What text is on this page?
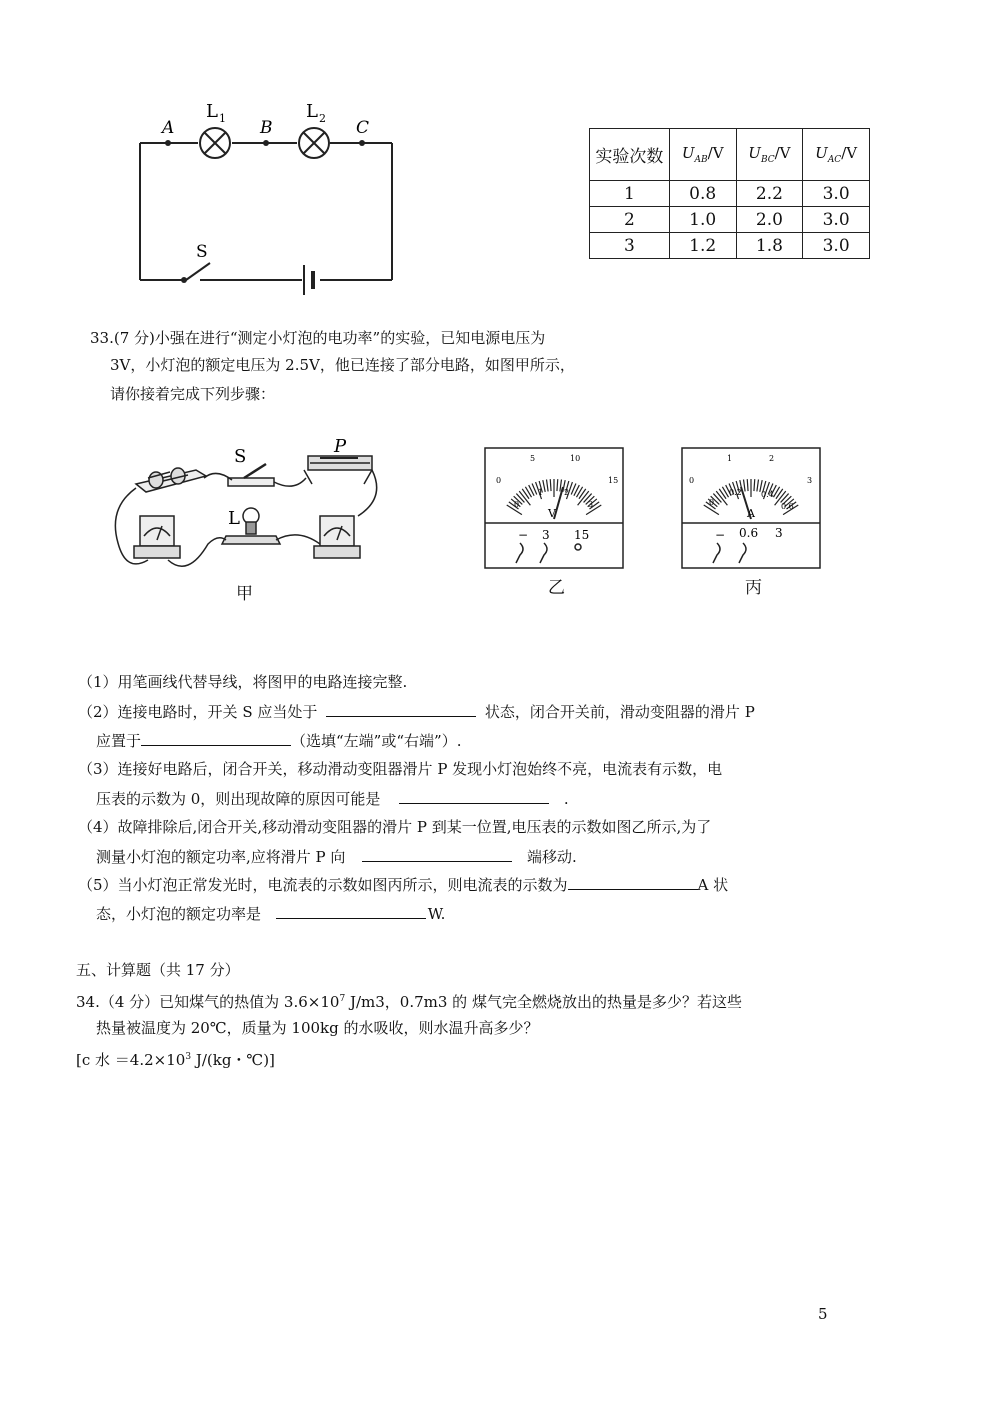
A	B	C
L 1	L 2
S
实验次数	$U_{AB}/V$	$U_{BC}/V$	$U_{AC}/V$
1	0.8	2.2	3.0
2	1.0	2.0	3.0
3	1.2	1.8	3.0
33.(7 分)小强在进行“测定小灯泡的电功率”的实验，已知电源电压为
3V，小灯泡的额定电压为 2.5V，他已连接了部分电路，如图甲所示，
请你接着完成下列步骤：
S	P
L
甲
0
5	10
15
0
1	2
3
V
− 3 15
乙
0
1	2
3
0
0.2 0.4
0.6
A
− 0.6 3
丙
（1）用笔画线代替导线，将图甲的电路连接完整.
（2）连接电路时，开关 S 应当处于	状态，闭合开关前，滑动变阻器的滑片 P
应置于	（选填“左端”或“右端”）.
（3）连接好电路后，闭合开关，移动滑动变阻器滑片 P 发现小灯泡始终不亮，电流表有示数，电
压表的示数为 0，则出现故障的原因可能是	.
（4）故障排除后,闭合开关,移动滑动变阻器的滑片 P 到某一位置,电压表的示数如图乙所示,为了
测量小灯泡的额定功率,应将滑片 P 向	端移动.
（5）当小灯泡正常发光时，电流表的示数如图丙所示，则电流表的示数为	A 状
态，小灯泡的额定功率是	W.
五、计算题（共 17 分）
34.（4 分）已知煤气的热值为 $3.6\times 10^7$ J/m3，0.7m3 的 煤气完全燃烧放出的热量是多少？若这些
热量被温度为 20℃，质量为 100kg 的水吸收，则水温升高多少？
[c 水 $=4.2\times 10^3$ J/(kg・℃)]
5
